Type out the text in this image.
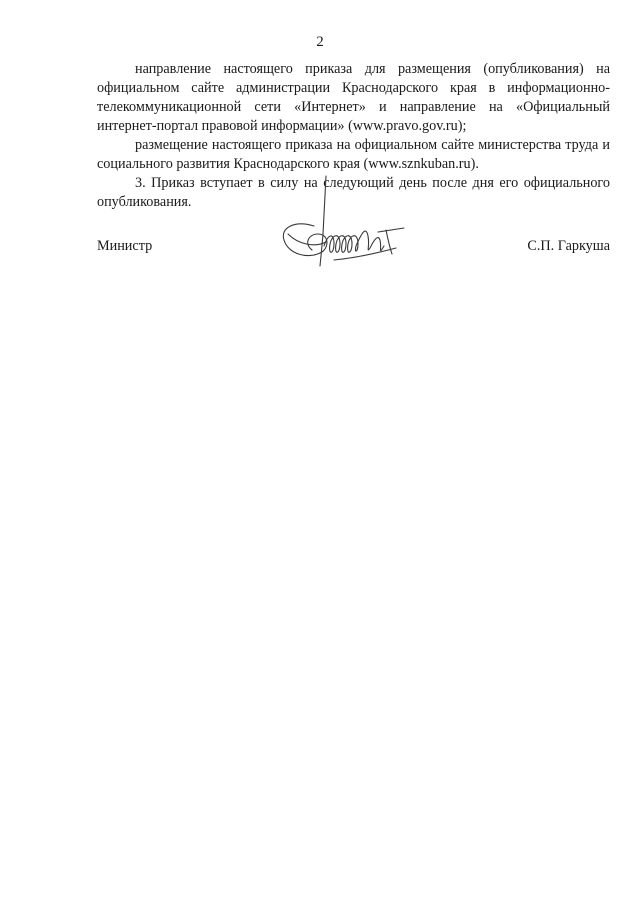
2

направление настоящего приказа для размещения (опубликования) на официальном сайте администрации Краснодарского края в информационно-телекоммуникационной сети «Интернет» и направление на «Официальный интернет-портал правовой информации» (www.pravo.gov.ru);

размещение настоящего приказа на официальном сайте министерства труда и социального развития Краснодарского края (www.sznkuban.ru).

3. Приказ вступает в силу на следующий день после дня его официального опубликования.

Министр	С.П. Гаркуша
